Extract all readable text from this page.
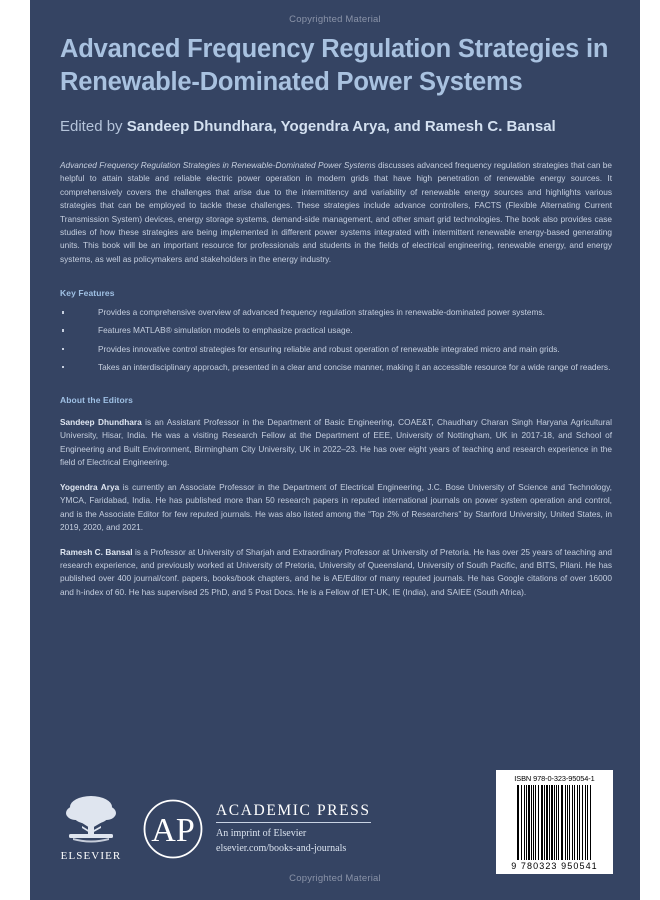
Copyrighted Material
Advanced Frequency Regulation Strategies in Renewable-Dominated Power Systems
Edited by Sandeep Dhundhara, Yogendra Arya, and Ramesh C. Bansal
Advanced Frequency Regulation Strategies in Renewable-Dominated Power Systems discusses advanced frequency regulation strategies that can be helpful to attain stable and reliable electric power operation in modern grids that have high penetration of renewable energy sources. It comprehensively covers the challenges that arise due to the intermittency and variability of renewable energy sources and highlights various strategies that can be employed to tackle these challenges. These strategies include advance controllers, FACTS (Flexible Alternating Current Transmission System) devices, energy storage systems, demand-side management, and other smart grid technologies. The book also provides case studies of how these strategies are being implemented in different power systems integrated with intermittent renewable energy-based generating units. This book will be an important resource for professionals and students in the fields of electrical engineering, renewable energy, and energy systems, as well as policymakers and stakeholders in the energy industry.
Key Features
Provides a comprehensive overview of advanced frequency regulation strategies in renewable-dominated power systems.
Features MATLAB® simulation models to emphasize practical usage.
Provides innovative control strategies for ensuring reliable and robust operation of renewable integrated micro and main grids.
Takes an interdisciplinary approach, presented in a clear and concise manner, making it an accessible resource for a wide range of readers.
About the Editors
Sandeep Dhundhara is an Assistant Professor in the Department of Basic Engineering, COAE&T, Chaudhary Charan Singh Haryana Agricultural University, Hisar, India. He was a visiting Research Fellow at the Department of EEE, University of Nottingham, UK in 2017-18, and School of Engineering and Built Environment, Birmingham City University, UK in 2022–23. He has over eight years of teaching and research experience in the field of Electrical Engineering.
Yogendra Arya is currently an Associate Professor in the Department of Electrical Engineering, J.C. Bose University of Science and Technology, YMCA, Faridabad, India. He has published more than 50 research papers in reputed international journals on power system operation and control, and is the Associate Editor for few reputed journals. He was also listed among the “Top 2% of Researchers” by Stanford University, United States, in 2019, 2020, and 2021.
Ramesh C. Bansal is a Professor at University of Sharjah and Extraordinary Professor at University of Pretoria. He has over 25 years of teaching and research experience, and previously worked at University of Pretoria, University of Queensland, University of South Pacific, and BITS, Pilani. He has published over 400 journal/conf. papers, books/book chapters, and he is AE/Editor of many reputed journals. He has Google citations of over 16000 and h-index of 60. He has supervised 25 PhD, and 5 Post Docs. He is a Fellow of IET-UK, IE (India), and SAIEE (South Africa).
ELSEVIER
AP
ACADEMIC PRESS
An imprint of Elsevier
elsevier.com/books-and-journals
ISBN 978-0-323-95054-1
9 780323 950541
Copyrighted Material
